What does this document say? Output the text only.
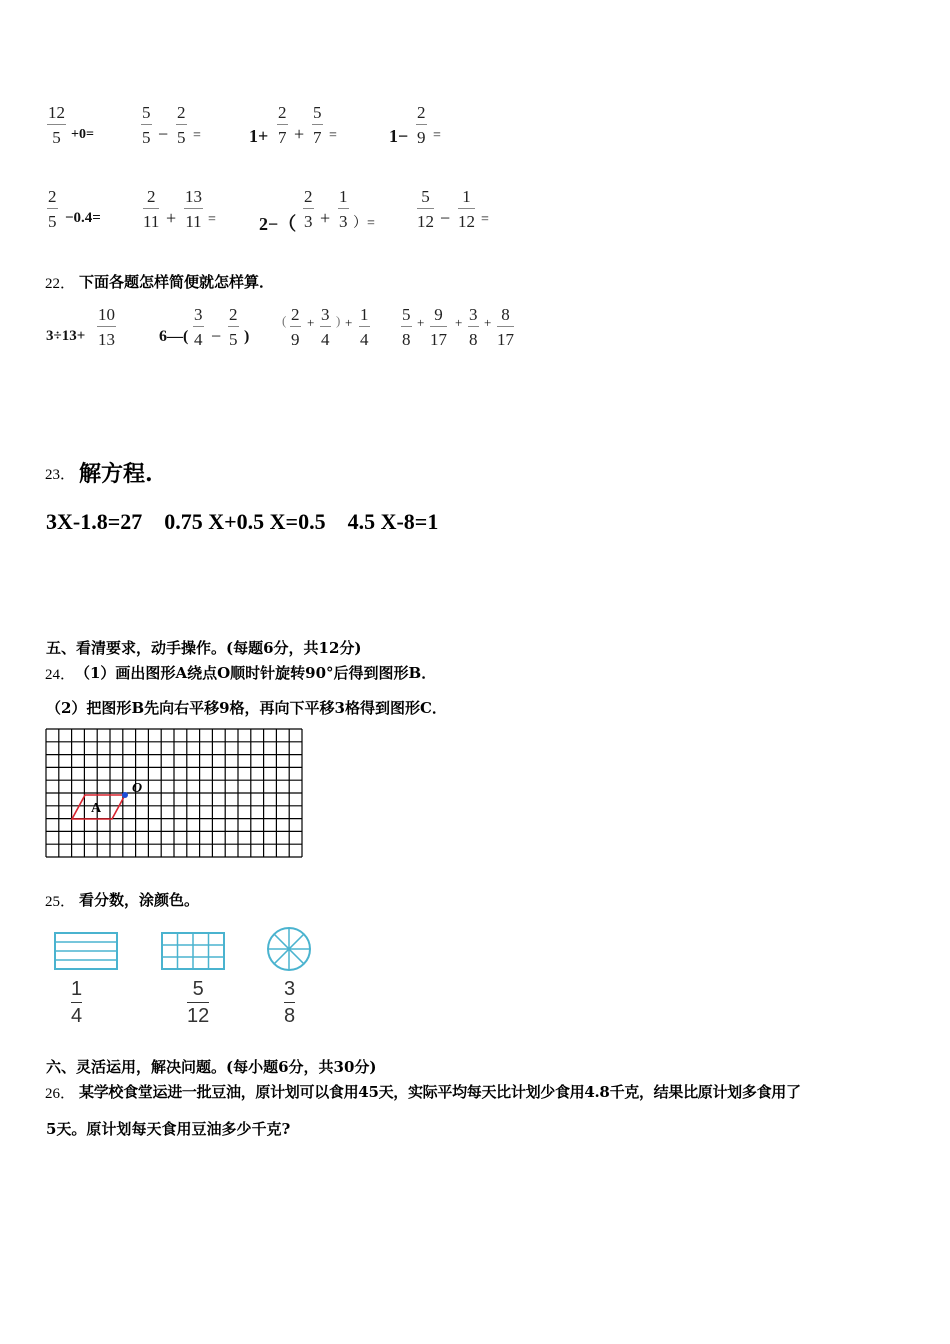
12
5 +0=
5
5 −
2
5 =	1+
2
7 +
5
7 =	1−
2
9 =
2
5 −0.4=
2
11 +
13
11 = 2−（
2
3 +
1
3 ）=
5
12 −
1
12 =
22． 下面各题怎样简便就怎样算．
3÷13+
10
13	6—(
3
4 −
2
5 )
( 2
9
+ 3
4
) + 1
4
5
8
+ 9
17
+ 3
8
+ 8
17
23． 解方程.
3X-1.8=27    0.75 X+0.5 X=0.5    4.5 X-8=1
五、看清要求，动手操作。(每题6分，共12分)
24． （1）画出图形A绕点O顺时针旋转90°后得到图形B．
（2）把图形B先向右平移9格，再向下平移3格得到图形C．
A
O
25． 看分数，涂颜色。
1
4
5
12
3
8
六、灵活运用，解决问题。(每小题6分，共30分)
26． 某学校食堂运进一批豆油，原计划可以食用45天，实际平均每天比计划少食用4.8千克，结果比原计划多食用了
5天。原计划每天食用豆油多少千克?
